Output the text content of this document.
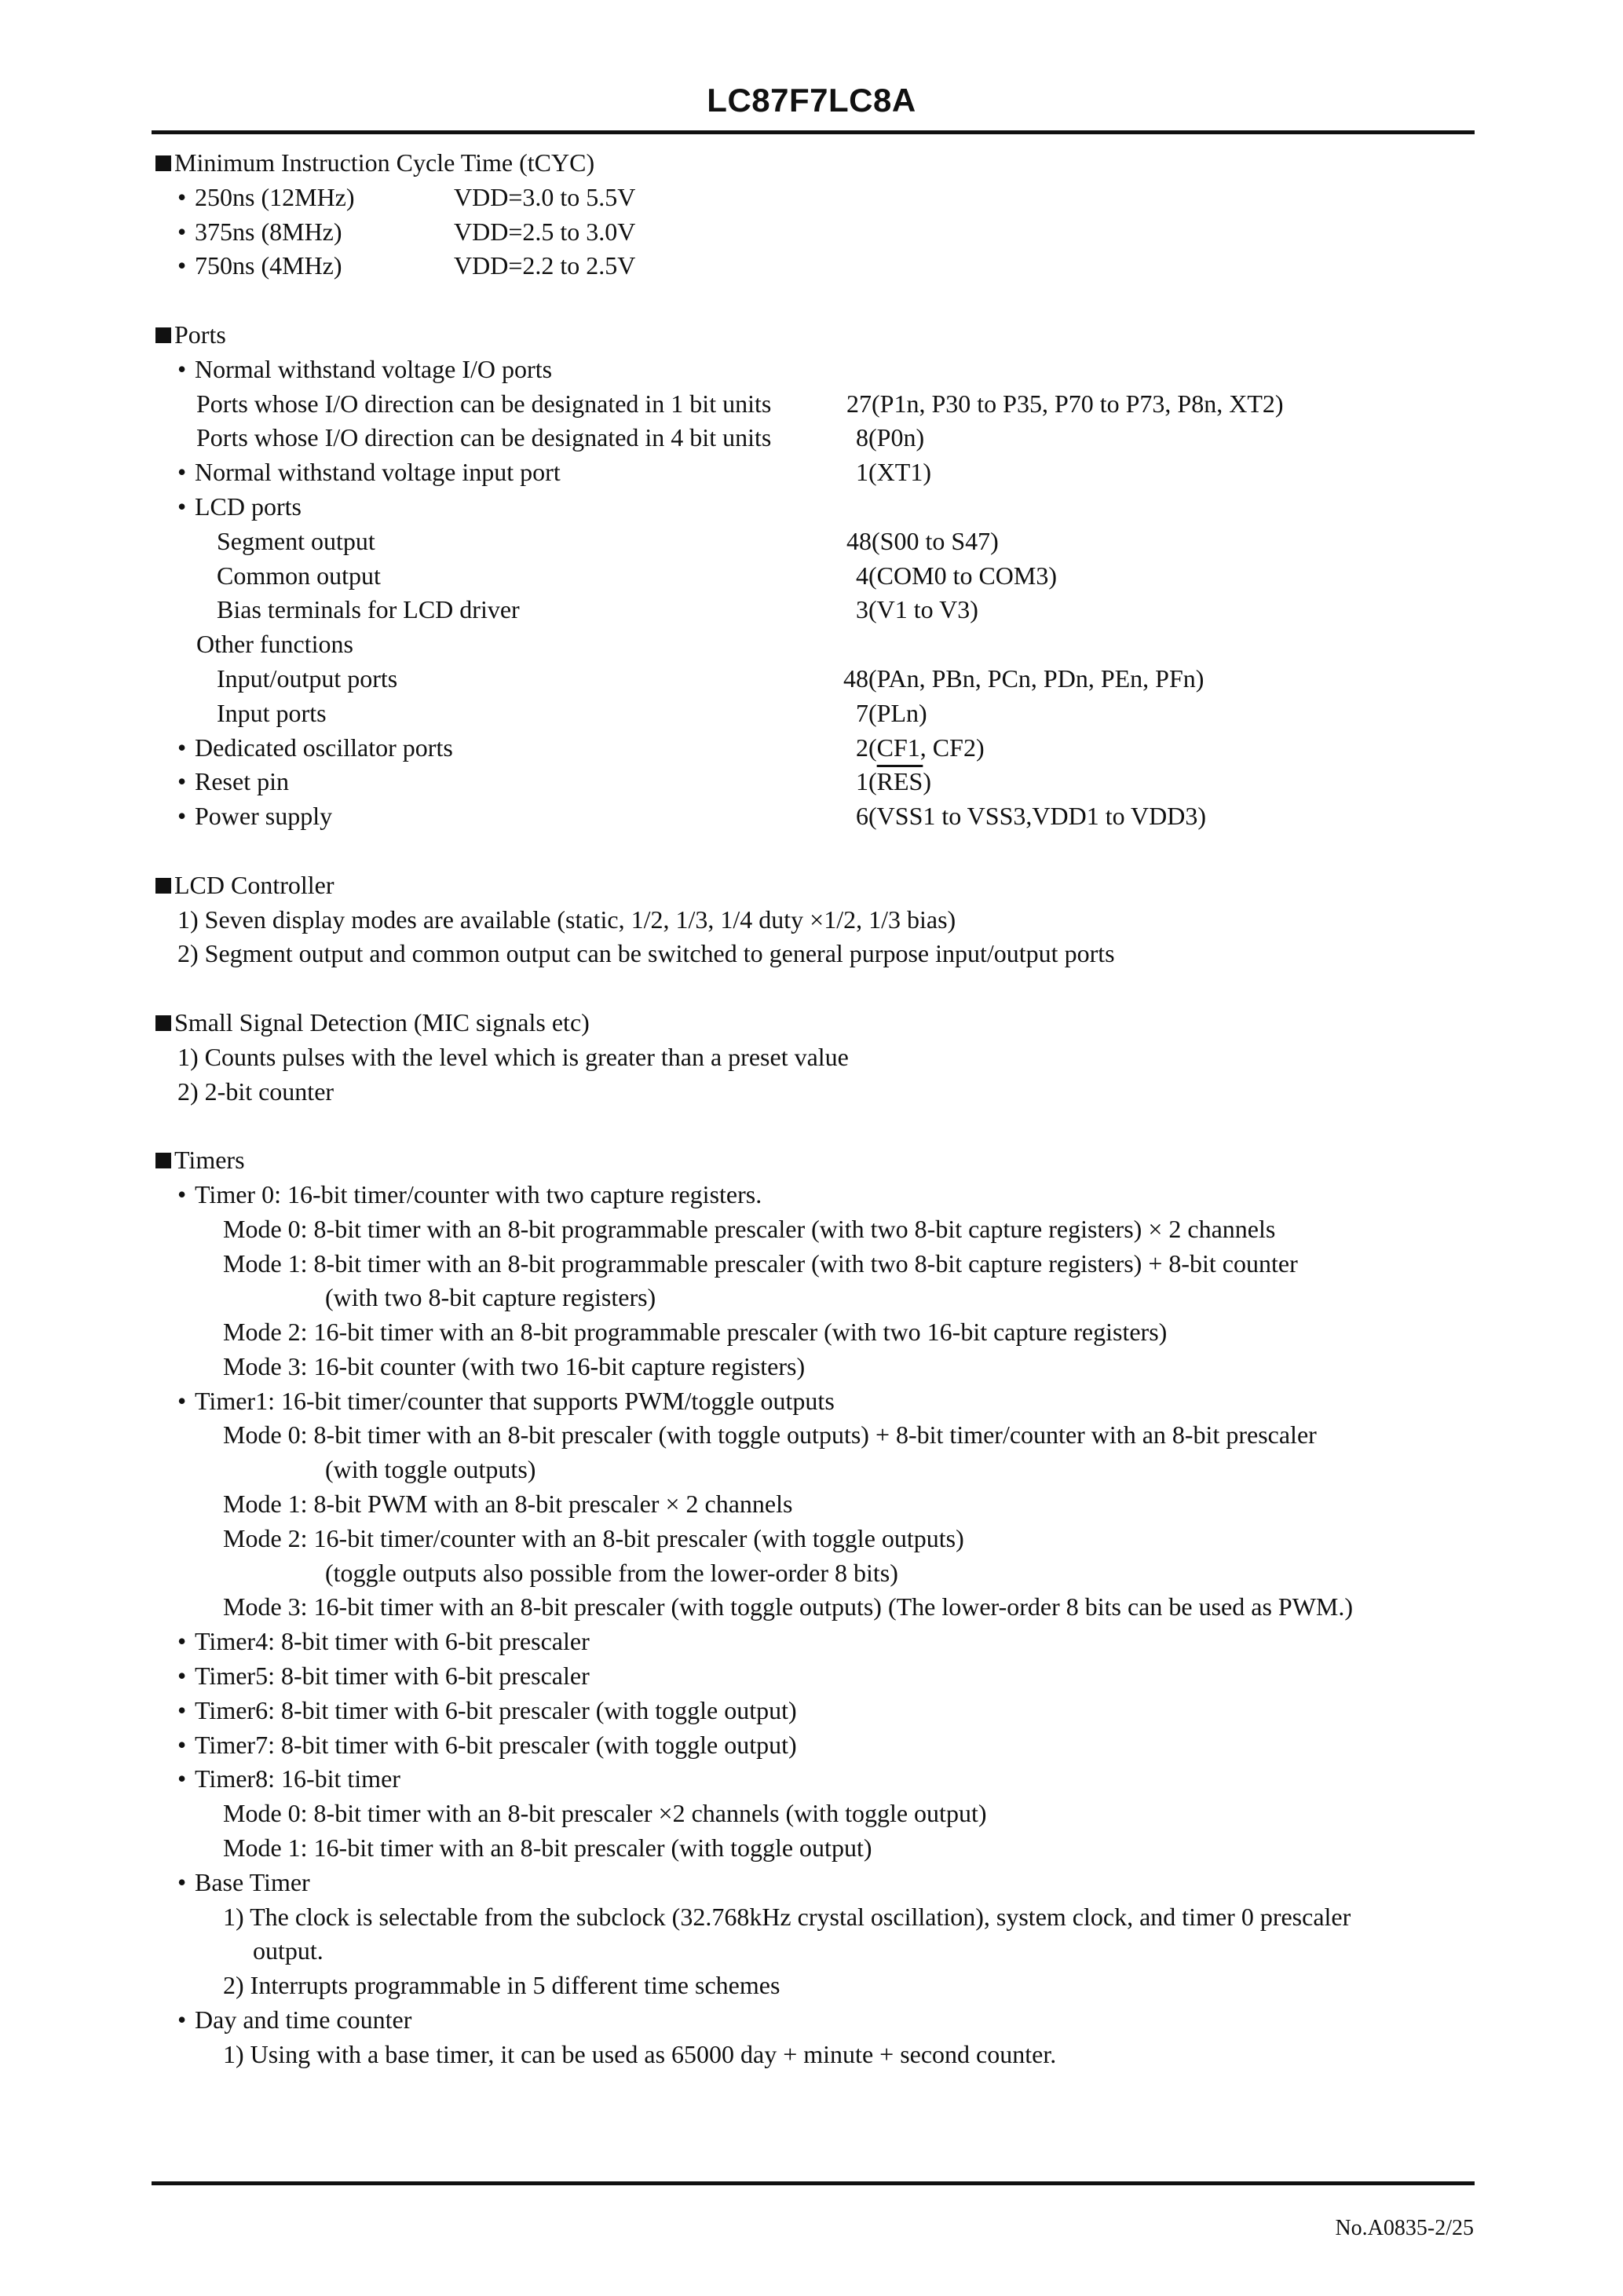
LC87F7LC8A
Minimum Instruction Cycle Time (tCYC)
• 250ns (12MHz)	VDD=3.0 to 5.5V
• 375ns (8MHz)	VDD=2.5 to 3.0V
• 750ns (4MHz)	VDD=2.2 to 2.5V
Ports
• Normal withstand voltage I/O ports
Ports whose I/O direction can be designated in 1 bit units	27(P1n, P30 to P35, P70 to P73, P8n, XT2)
Ports whose I/O direction can be designated in 4 bit units	8(P0n)
• Normal withstand voltage input port	1(XT1)
• LCD ports
Segment output	48(S00 to S47)
Common output	4(COM0 to COM3)
Bias terminals for LCD driver	3(V1 to V3)
Other functions
Input/output ports	48(PAn, PBn, PCn, PDn, PEn, PFn)
Input ports	7(PLn)
• Dedicated oscillator ports	2(CF1, CF2)
• Reset pin	$1(\overline{RES})$
• Power supply	6(VSS1 to VSS3,VDD1 to VDD3)
LCD Controller
1) Seven display modes are available (static, 1/2, 1/3, 1/4 duty ×1/2, 1/3 bias)
2) Segment output and common output can be switched to general purpose input/output ports
Small Signal Detection (MIC signals etc)
1) Counts pulses with the level which is greater than a preset value
2) 2-bit counter
Timers
• Timer 0: 16-bit timer/counter with two capture registers.
Mode 0: 8-bit timer with an 8-bit programmable prescaler (with two 8-bit capture registers) × 2 channels
Mode 1: 8-bit timer with an 8-bit programmable prescaler (with two 8-bit capture registers) + 8-bit counter
(with two 8-bit capture registers)
Mode 2: 16-bit timer with an 8-bit programmable prescaler (with two 16-bit capture registers)
Mode 3: 16-bit counter (with two 16-bit capture registers)
• Timer1: 16-bit timer/counter that supports PWM/toggle outputs
Mode 0: 8-bit timer with an 8-bit prescaler (with toggle outputs) + 8-bit timer/counter with an 8-bit prescaler
(with toggle outputs)
Mode 1: 8-bit PWM with an 8-bit prescaler × 2 channels
Mode 2: 16-bit timer/counter with an 8-bit prescaler (with toggle outputs)
(toggle outputs also possible from the lower-order 8 bits)
Mode 3: 16-bit timer with an 8-bit prescaler (with toggle outputs) (The lower-order 8 bits can be used as PWM.)
• Timer4: 8-bit timer with 6-bit prescaler
• Timer5: 8-bit timer with 6-bit prescaler
• Timer6: 8-bit timer with 6-bit prescaler (with toggle output)
• Timer7: 8-bit timer with 6-bit prescaler (with toggle output)
• Timer8: 16-bit timer
Mode 0: 8-bit timer with an 8-bit prescaler ×2 channels (with toggle output)
Mode 1: 16-bit timer with an 8-bit prescaler (with toggle output)
• Base Timer
1) The clock is selectable from the subclock (32.768kHz crystal oscillation), system clock, and timer 0 prescaler
output.
2) Interrupts programmable in 5 different time schemes
• Day and time counter
1) Using with a base timer, it can be used as 65000 day + minute + second counter.
No.A0835-2/25
